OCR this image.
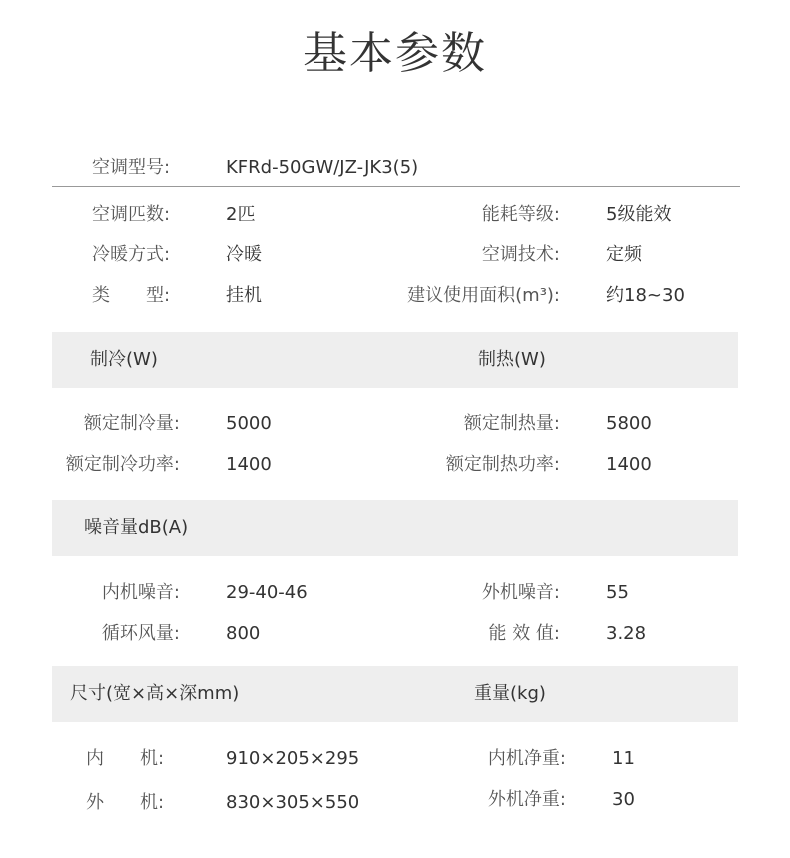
基本参数
空调型号:	KFRd-50GW/JZ-JK3(5)
空调匹数:	2匹	能耗等级:	5级能效
冷暖方式:	冷暖	空调技术:	定频
类　　型:	挂机	建议使用面积(m³):	约18~30
制冷(W)	制热(W)
额定制冷量:	5000	额定制热量:	5800
额定制冷功率:	1400	额定制热功率:	1400
噪音量dB(A)
内机噪音:	29-40-46	外机噪音:	55
循环风量:	800	能 效 值:	3.28
尺寸(宽×高×深mm)	重量(kg)
内　　机:	910×205×295	内机净重:	11
外　　机:	830×305×550	外机净重:	30
